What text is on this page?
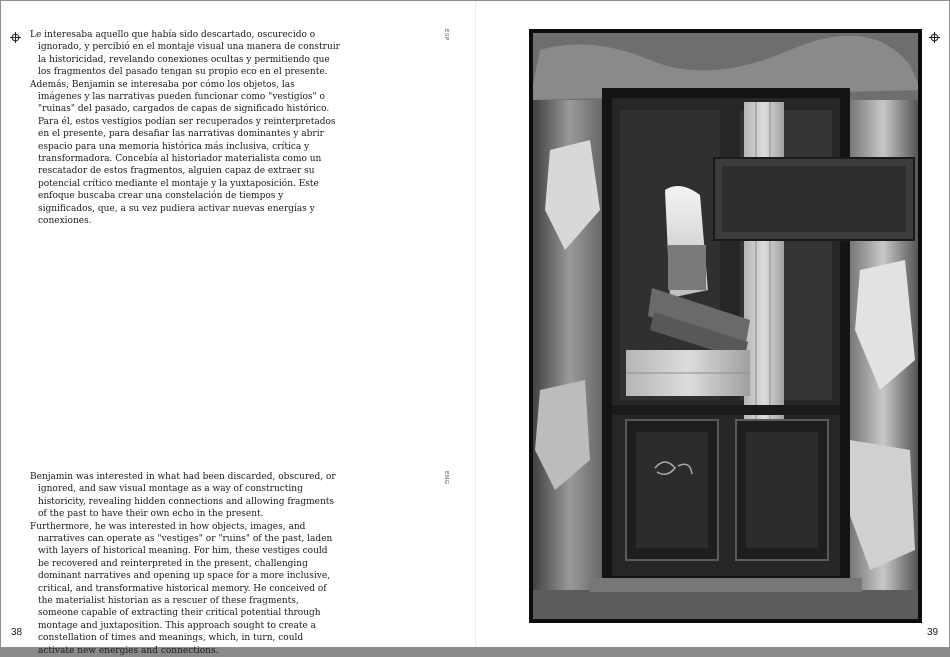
Le interesaba aquello que había sido descartado, oscurecido o ignorado, y percibió en el montaje visual una manera de construir la historicidad, revelando conexiones ocultas y permitiendo que los fragmentos del pasado tengan su propio eco en el presente.

Además, Benjamin se interesaba por cómo los objetos, las imágenes y las narrativas pueden funcionar como "vestigios" o "ruinas" del pasado, cargados de capas de significado histórico. Para él, estos vestigios podían ser recuperados y reinterpretados en el presente, para desafiar las narrativas dominantes y abrir espacio para una memoria histórica más inclusiva, crítica y transformadora. Concebía al historiador materialista como un rescatador de estos fragmentos, alguien capaz de extraer su potencial crítico mediante el montaje y la yuxtaposición. Este enfoque buscaba crear una constelación de tiempos y significados, que, a su vez pudiera activar nuevas energías y conexiones.

ESP

Benjamin was interested in what had been discarded, obscured, or ignored, and saw visual montage as a way of constructing historicity, revealing hidden connections and allowing fragments of the past to have their own echo in the present.

Furthermore, he was interested in how objects, images, and narratives can operate as "vestiges" or "ruins" of the past, laden with layers of historical meaning. For him, these vestiges could be recovered and reinterpreted in the present, challenging dominant narratives and opening up space for a more inclusive, critical, and transformative historical memory. He conceived of the materialist historian as a rescuer of these fragments, someone capable of extracting their critical potential through montage and juxtaposition. This approach sought to create a constellation of times and meanings, which, in turn, could activate new energies and connections.

ENG
38	39
